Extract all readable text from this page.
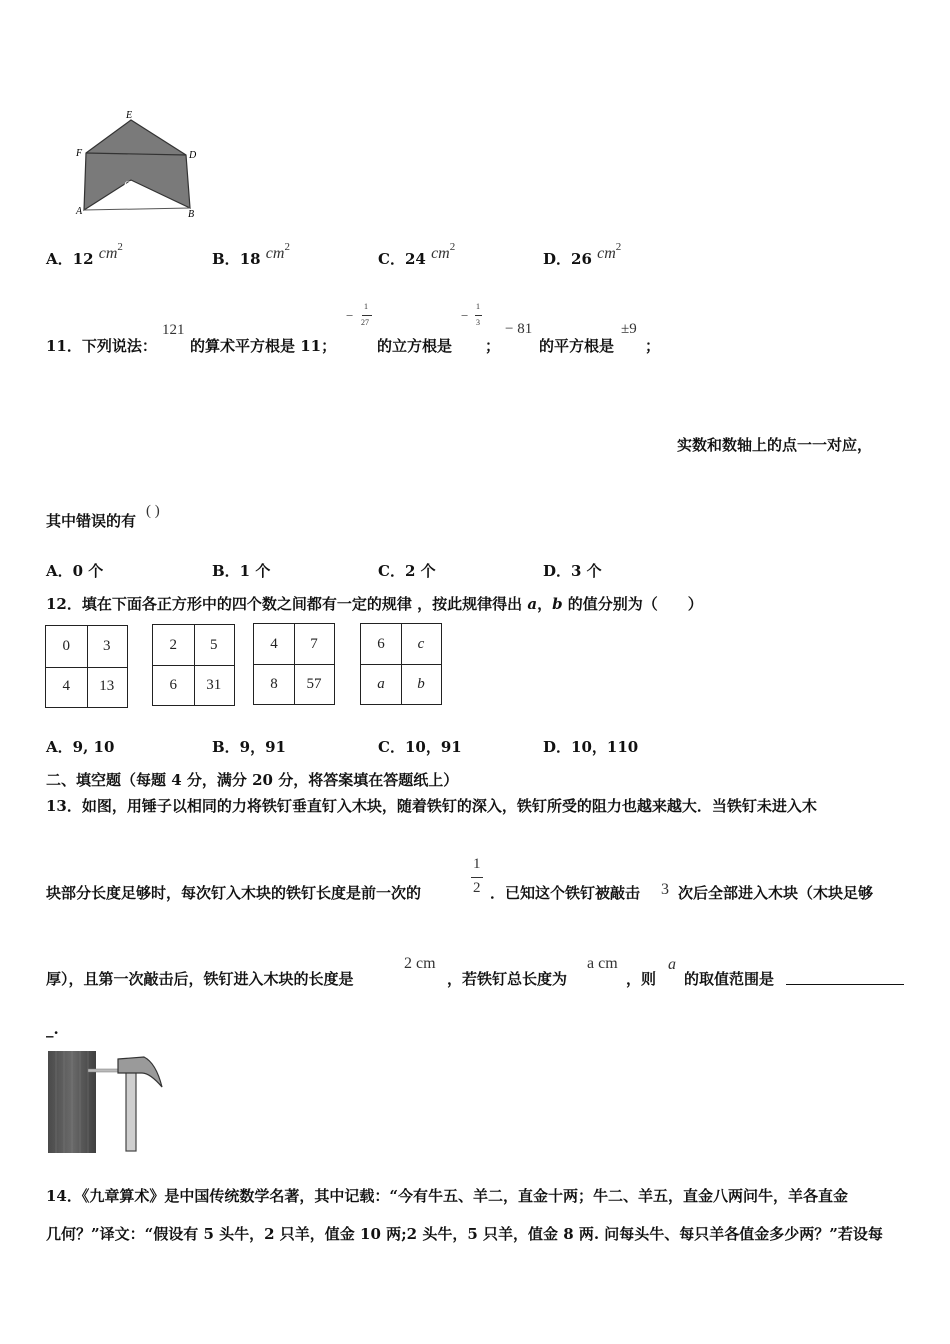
E
F	D
C
A	B
A．12 $cm^2$
B．18 $cm^2$
C．24 $cm^2$
D．26 $cm^2$
11．下列说法：
121
的算术平方根是 11；
−
1
27
的立方根是
−
1
3
；
− 81
的平方根是
±9
；
实数和数轴上的点一一对应，
其中错误的有
( )
A．0 个	B．1 个	C．2 个	D．3 个
12．填在下面各正方形中的四个数之间都有一定的规律 ，按此规律得出 a，b 的值分别为（　　）
0	3
4	13
2	5
6	31
4	7
8	57
6	c
a	b
A．9, 10	B．9，91	C．10，91	D．10，110
二、填空题（每题 4 分，满分 20 分，将答案填在答题纸上）
13．如图，用锤子以相同的力将铁钉垂直钉入木块，随着铁钉的深入，铁钉所受的阻力也越来越大．当铁钉未进入木
块部分长度足够时，每次钉入木块的铁钉长度是前一次的
1
2 ．已知这个铁钉被敲击 3 次后全部进入木块（木块足够
厚），且第一次敲击后，铁钉进入木块的长度是
2 cm
，若铁钉总长度为
a cm
，则
a
的取值范围是
_.
14．《九章算术》是中国传统数学名著，其中记载：“今有牛五、羊二，直金十两；牛二、羊五，直金八两问牛，羊各直金
几何？”译文：“假设有 5 头牛，2 只羊，值金 10 两;2 头牛，5 只羊，值金 8 两. 问每头牛、每只羊各值金多少两？”若设每
